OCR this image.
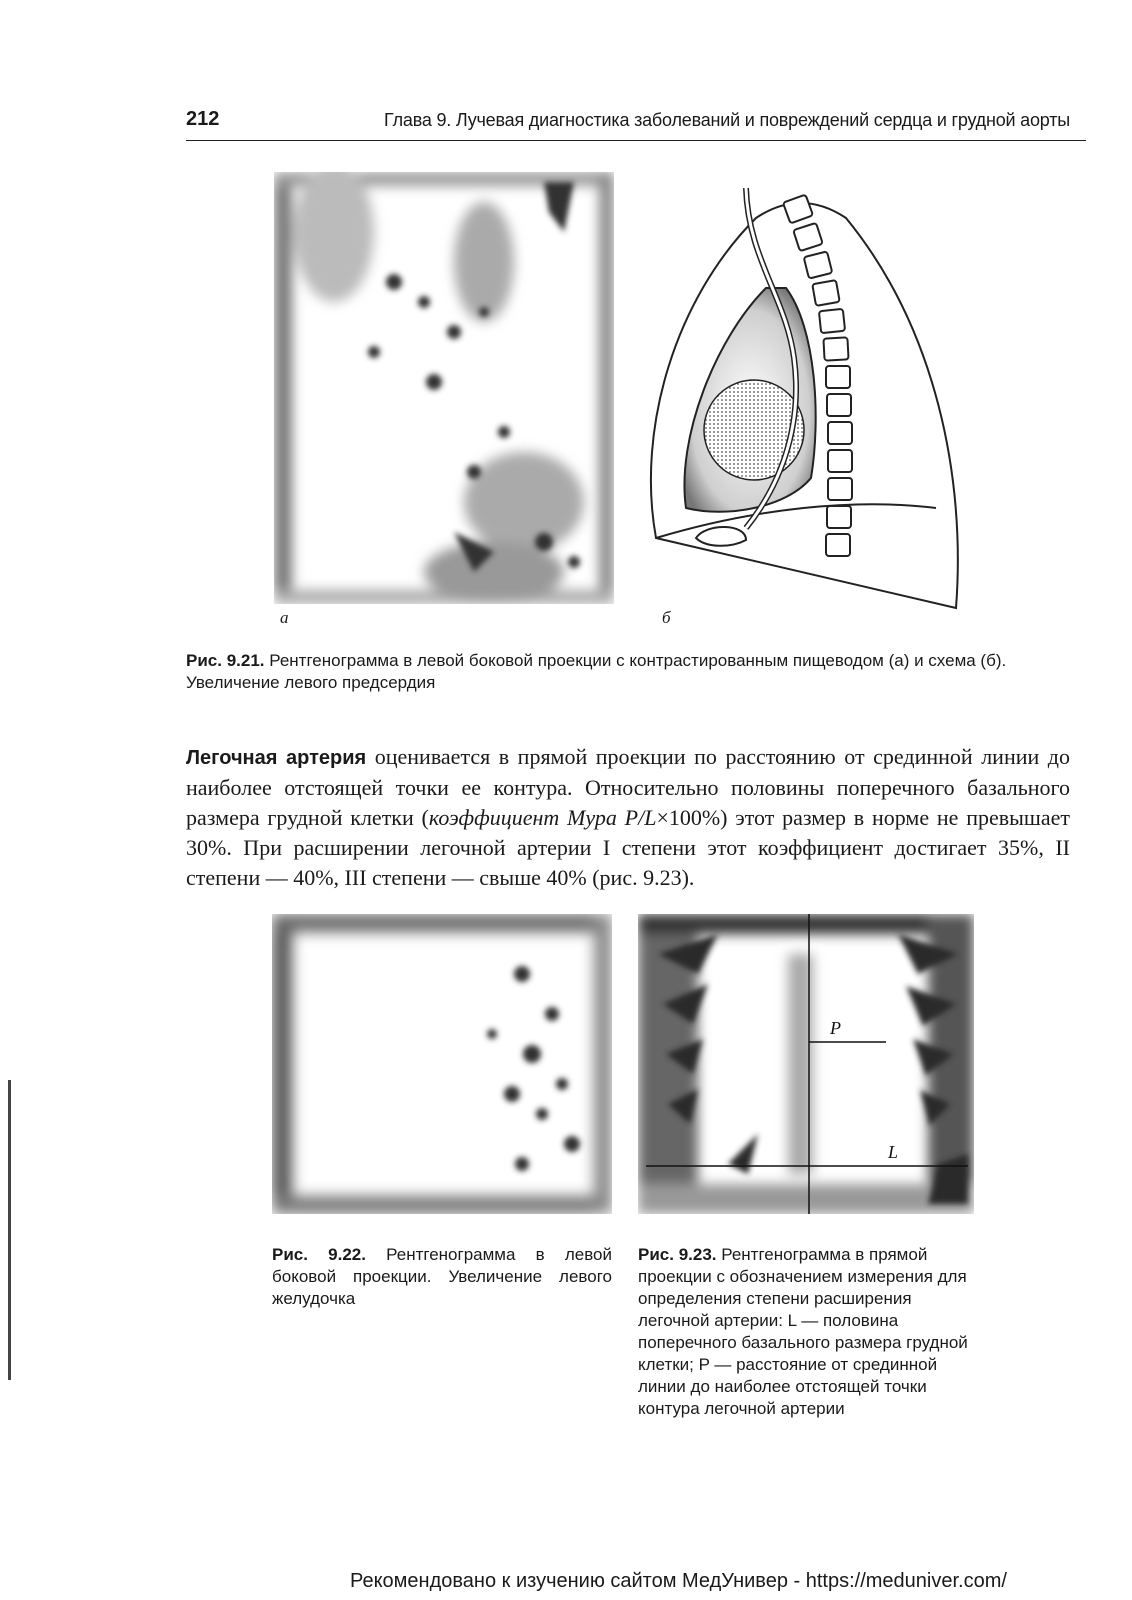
212	Глава 9. Лучевая диагностика заболеваний и повреждений сердца и грудной аорты
а	б
Рис. 9.21. Рентгенограмма в левой боковой проекции с контрастированным пищеводом (а) и схема (б). Увеличение левого предсердия
Легочная артерия оценивается в прямой проекции по расстоянию от срединной линии до наиболее отстоящей точки ее контура. Относительно половины поперечного базального размера грудной клетки (коэффициент Мура P/L×100%) этот размер в норме не превышает 30%. При расширении легочной артерии I степени этот коэффициент достигает 35%, II степени — 40%, III степени — свыше 40% (рис. 9.23).
Рис. 9.22. Рентгенограмма в левой боковой проекции. Увеличение левого желудочка
P
L
Рис. 9.23. Рентгенограмма в прямой проекции с обозначением измерения для определения степени расширения легочной артерии: L — половина поперечного базального размера грудной клетки; P — расстояние от срединной линии до наиболее отстоящей точки контура легочной артерии
Рекомендовано к изучению сайтом МедУнивер - https://meduniver.com/
